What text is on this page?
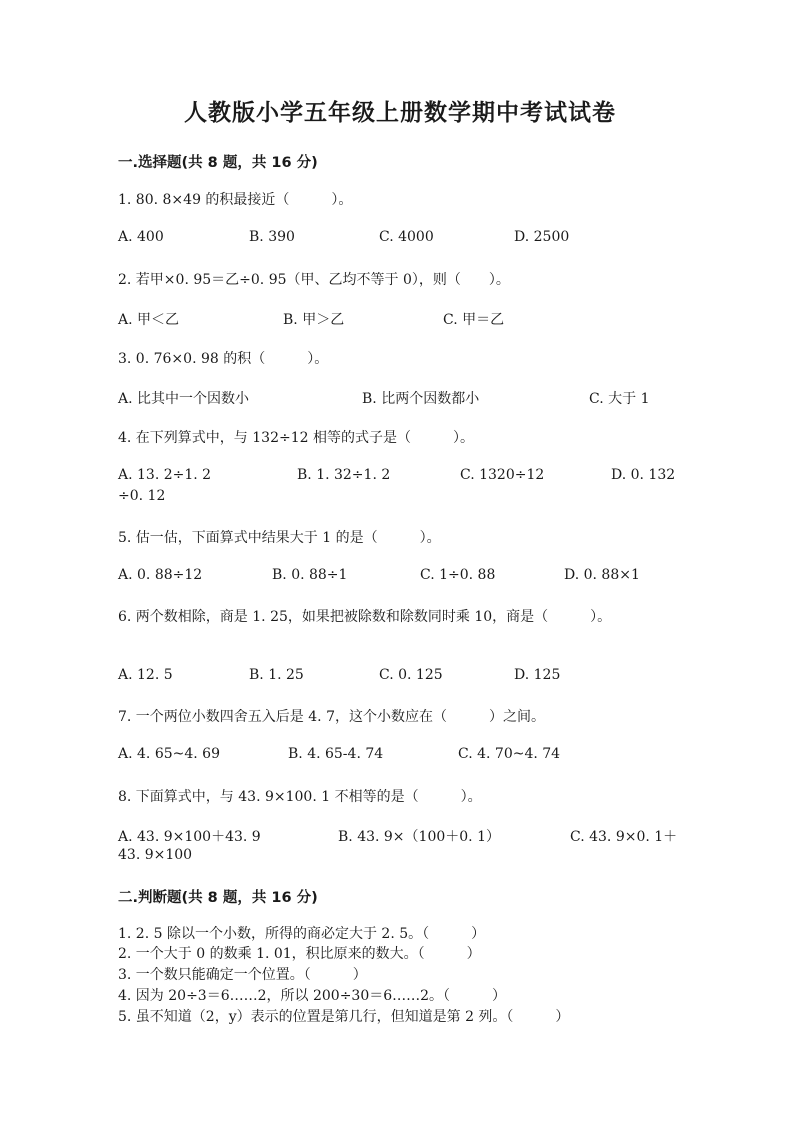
人教版小学五年级上册数学期中考试试卷
一.选择题(共 8 题，共 16 分)
1. 80. 8×49 的积最接近（　　　）。
A. 400	B. 390	C. 4000	D. 2500
2. 若甲×0. 95＝乙÷0. 95（甲、乙均不等于 0），则（　　）。
A. 甲＜乙	B. 甲＞乙	C. 甲＝乙
3. 0. 76×0. 98 的积（　　　）。
A. 比其中一个因数小	B. 比两个因数都小	C. 大于 1
4. 在下列算式中，与 132÷12 相等的式子是（　　　）。
A. 13. 2÷1. 2	B. 1. 32÷1. 2	C. 1320÷12	D. 0. 132
÷0. 12
5. 估一估，下面算式中结果大于 1 的是（　　　）。
A. 0. 88÷12	B. 0. 88÷1	C. 1÷0. 88	D. 0. 88×1
6. 两个数相除，商是 1. 25，如果把被除数和除数同时乘 10，商是（　　　）。
A. 12. 5	B. 1. 25	C. 0. 125	D. 125
7. 一个两位小数四舍五入后是 4. 7，这个小数应在（　　　）之间。
A. 4. 65~4. 69	B. 4. 65-4. 74	C. 4. 70~4. 74
8. 下面算式中，与 43. 9×100. 1 不相等的是（　　　）。
A. 43. 9×100＋43. 9	B. 43. 9×（100＋0. 1）	C. 43. 9×0. 1＋
43. 9×100
二.判断题(共 8 题，共 16 分)
1. 2. 5 除以一个小数，所得的商必定大于 2. 5。（　　　）
2. 一个大于 0 的数乘 1. 01，积比原来的数大。（　　　）
3. 一个数只能确定一个位置。（　　　）
4. 因为 20÷3＝6……2，所以 200÷30＝6……2。（　　　）
5. 虽不知道（2，y）表示的位置是第几行，但知道是第 2 列。（　　　）
